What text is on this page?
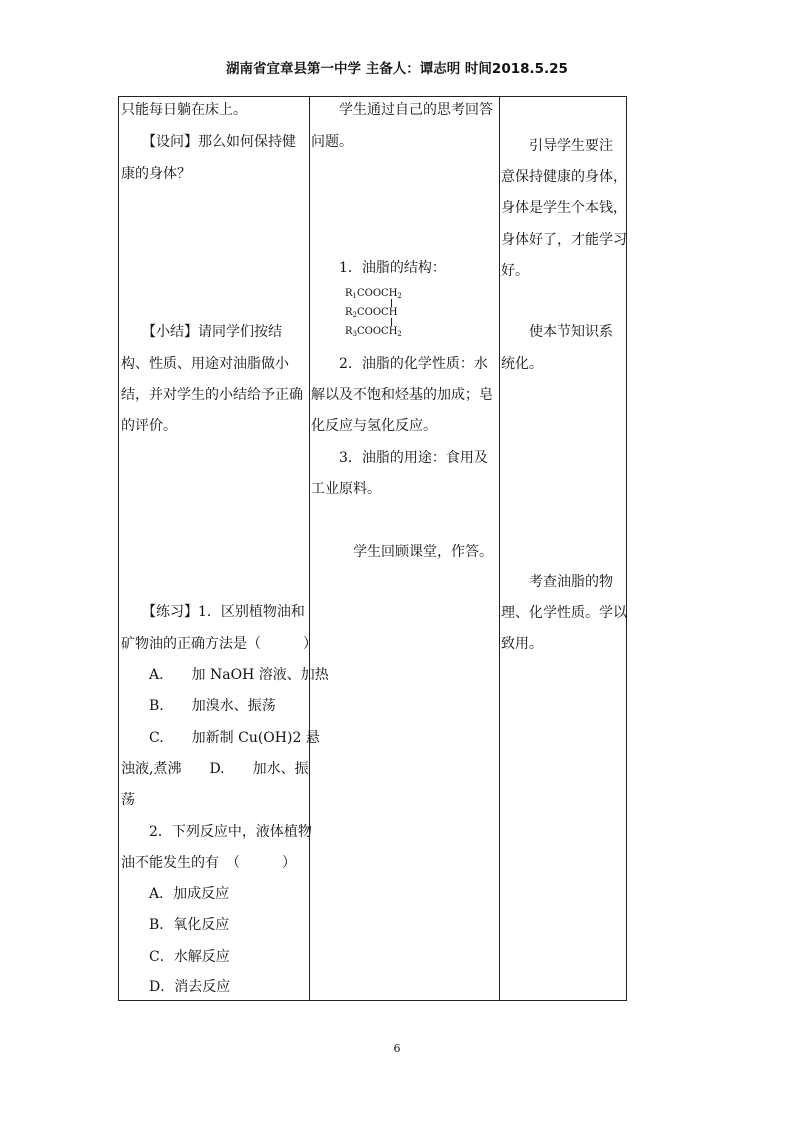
湖南省宜章县第一中学 主备人：谭志明 时间2018.5.25
只能每日躺在床上。
　　【设问】那么如何保持健
康的身体？
　　【小结】请同学们按结
构、性质、用途对油脂做小
结，并对学生的小结给予正确
的评价。
　　【练习】1．区别植物油和
矿物油的正确方法是（　　　）
　　A.　　加 NaOH 溶液、加热
　　B.　　加溴水、振荡
　　C.　　加新制 Cu(OH)2 悬
浊液,煮沸　　D.　　加水、振
荡
　　2．下列反应中，液体植物
油不能发生的有　（　　　）
　　A．加成反应
　　B．氧化反应
　　C．水解反应
　　D．消去反应
　　学生通过自己的思考回答
问题。
　　1．油脂的结构：
$R_1COOCH_2$
$R_2COOCH$
$R_3COOCH_2$
　　2．油脂的化学性质：水
解以及不饱和烃基的加成；皂
化反应与氢化反应。
　　3．油脂的用途：食用及
工业原料。
　　　学生回顾课堂，作答。
　　引导学生要注
意保持健康的身体，
身体是学生个本钱，
身体好了，才能学习
好。
　　使本节知识系
统化。
　　考查油脂的物
理、化学性质。学以
致用。
6
